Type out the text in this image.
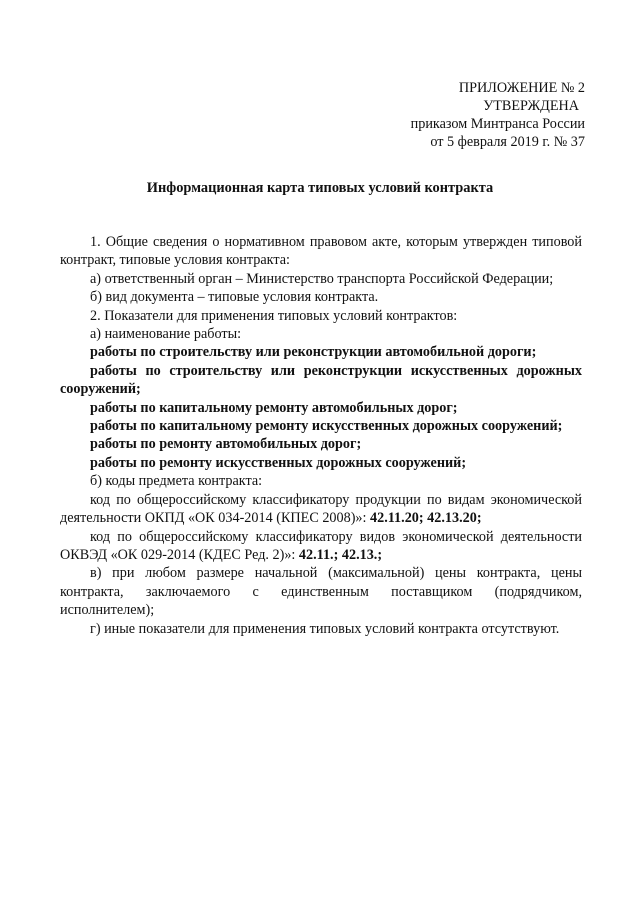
ПРИЛОЖЕНИЕ № 2
УТВЕРЖДЕНА
приказом Минтранса России
от 5 февраля 2019 г. № 37
Информационная карта типовых условий контракта

1. Общие сведения о нормативном правовом акте, которым утвержден типовой контракт, типовые условия контракта:

а) ответственный орган – Министерство транспорта Российской Федерации;

б) вид документа – типовые условия контракта.

2. Показатели для применения типовых условий контрактов:

а) наименование работы:

работы по строительству или реконструкции автомобильной дороги;

работы по строительству или реконструкции искусственных дорожных сооружений;

работы по капитальному ремонту автомобильных дорог;

работы по капитальному ремонту искусственных дорожных сооружений;

работы по ремонту автомобильных дорог;

работы по ремонту искусственных дорожных сооружений;

б) коды предмета контракта:

код по общероссийскому классификатору продукции по видам экономической деятельности ОКПД «ОК 034-2014 (КПЕС 2008)»: 42.11.20; 42.13.20;

код по общероссийскому классификатору видов экономической деятельности ОКВЭД «ОК 029-2014 (КДЕС Ред. 2)»: 42.11.; 42.13.;

в) при любом размере начальной (максимальной) цены контракта, цены контракта, заключаемого с единственным поставщиком (подрядчиком, исполнителем);

г) иные показатели для применения типовых условий контракта отсутствуют.
